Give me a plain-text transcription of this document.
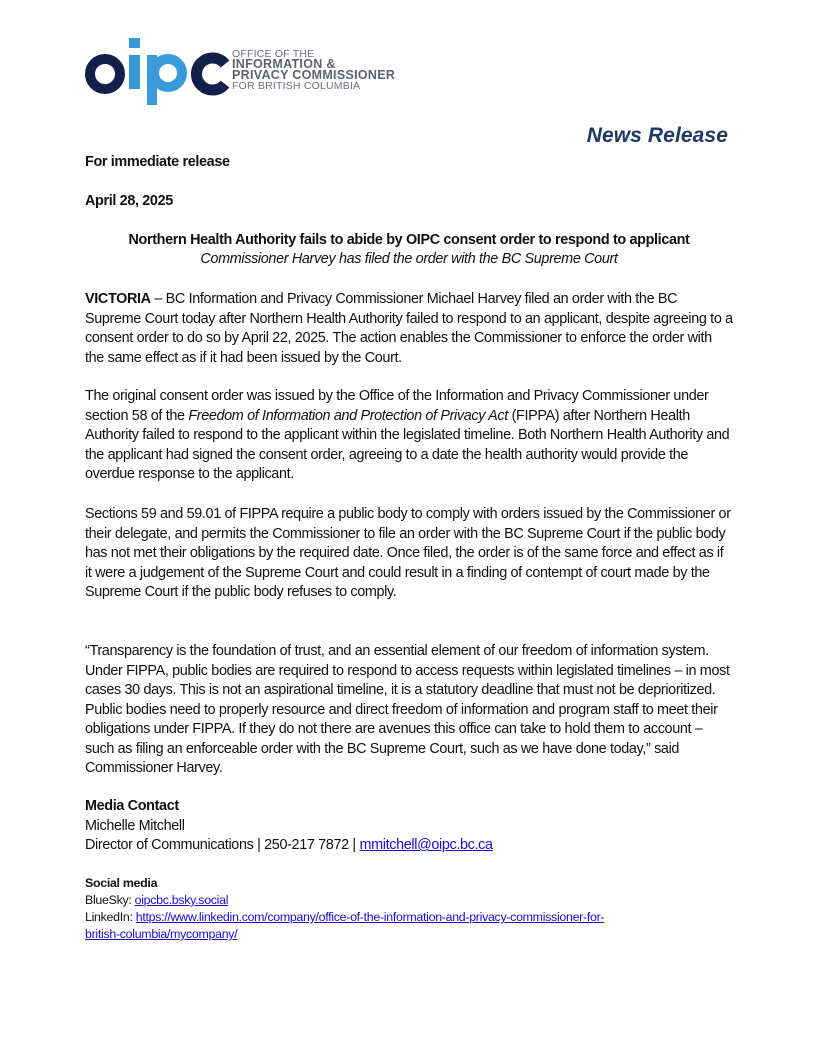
OFFICE OF THE
INFORMATION &
PRIVACY COMMISSIONER
FOR BRITISH COLUMBIA
News Release
For immediate release
April 28, 2025
Northern Health Authority fails to abide by OIPC consent order to respond to applicant
Commissioner Harvey has filed the order with the BC Supreme Court
VICTORIA – BC Information and Privacy Commissioner Michael Harvey filed an order with the BC Supreme Court today after Northern Health Authority failed to respond to an applicant, despite agreeing to a consent order to do so by April 22, 2025. The action enables the Commissioner to enforce the order with the same effect as if it had been issued by the Court.
The original consent order was issued by the Office of the Information and Privacy Commissioner under section 58 of the Freedom of Information and Protection of Privacy Act (FIPPA) after Northern Health Authority failed to respond to the applicant within the legislated timeline. Both Northern Health Authority and the applicant had signed the consent order, agreeing to a date the health authority would provide the overdue response to the applicant.
Sections 59 and 59.01 of FIPPA require a public body to comply with orders issued by the Commissioner or their delegate, and permits the Commissioner to file an order with the BC Supreme Court if the public body has not met their obligations by the required date. Once filed, the order is of the same force and effect as if it were a judgement of the Supreme Court and could result in a finding of contempt of court made by the Supreme Court if the public body refuses to comply.
“Transparency is the foundation of trust, and an essential element of our freedom of information system. Under FIPPA, public bodies are required to respond to access requests within legislated timelines – in most cases 30 days. This is not an aspirational timeline, it is a statutory deadline that must not be deprioritized. Public bodies need to properly resource and direct freedom of information and program staff to meet their obligations under FIPPA. If they do not there are avenues this office can take to hold them to account – such as filing an enforceable order with the BC Supreme Court, such as we have done today,” said Commissioner Harvey.
Media Contact
Michelle Mitchell
Director of Communications | 250-217 7872 | mmitchell@oipc.bc.ca
Social media
BlueSky: oipcbc.bsky.social
LinkedIn: https://www.linkedin.com/company/office-of-the-information-and-privacy-commissioner-for-
british-columbia/mycompany/
